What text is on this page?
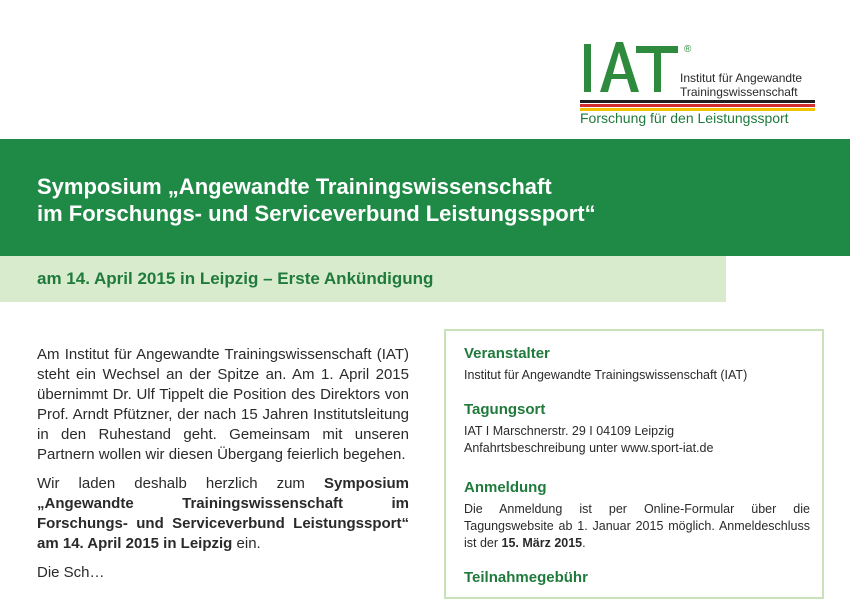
®
Institut für Angewandte
Trainingswissenschaft
Forschung für den Leistungssport
Symposium „Angewandte Trainingswissenschaft
im Forschungs- und Serviceverbund Leistungssport“
am 14. April 2015 in Leipzig – Erste Ankündigung

Am Institut für Angewandte Trainingswissenschaft (IAT) steht ein Wechsel an der Spitze an. Am 1. April 2015 übernimmt Dr. Ulf Tippelt die Position des Direktors von Prof. Arndt Pfützner, der nach 15 Jahren Institutsleitung in den Ruhestand geht. Gemeinsam mit unseren Partnern wollen wir diesen Übergang feierlich begehen.

Wir laden deshalb herzlich zum Symposium „Angewandte Trainingswissenschaft im Forschungs- und Serviceverbund Leistungssport“ am 14. April 2015 in Leipzig ein.

Die Sch…

Veranstalter
Institut für Angewandte Trainingswissenschaft (IAT)
Tagungsort
IAT I Marschnerstr. 29 I 04109 Leipzig
Anfahrtsbeschreibung unter www.sport-iat.de
Anmeldung
Die Anmeldung ist per Online-Formular über die Tagungswebsite ab 1. Januar 2015 möglich. Anmeldeschluss ist der 15. März 2015.
Teilnahmegebühr
